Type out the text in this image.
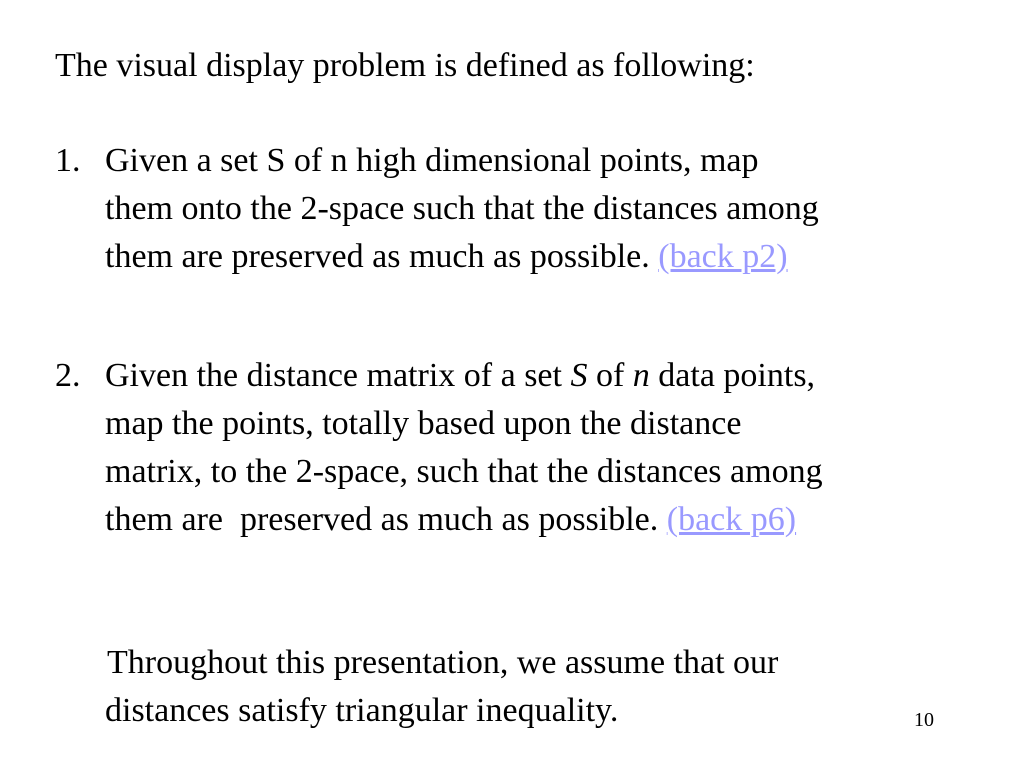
The visual display problem is defined as following:
1. Given a set S of n high dimensional points, map
them onto the 2-space such that the distances among
them are preserved as much as possible. (back p2)
2. Given the distance matrix of a set S of n data points,
map the points, totally based upon the distance
matrix, to the 2-space, such that the distances among
them are  preserved as much as possible. (back p6)
Throughout this presentation, we assume that our
distances satisfy triangular inequality.	10
